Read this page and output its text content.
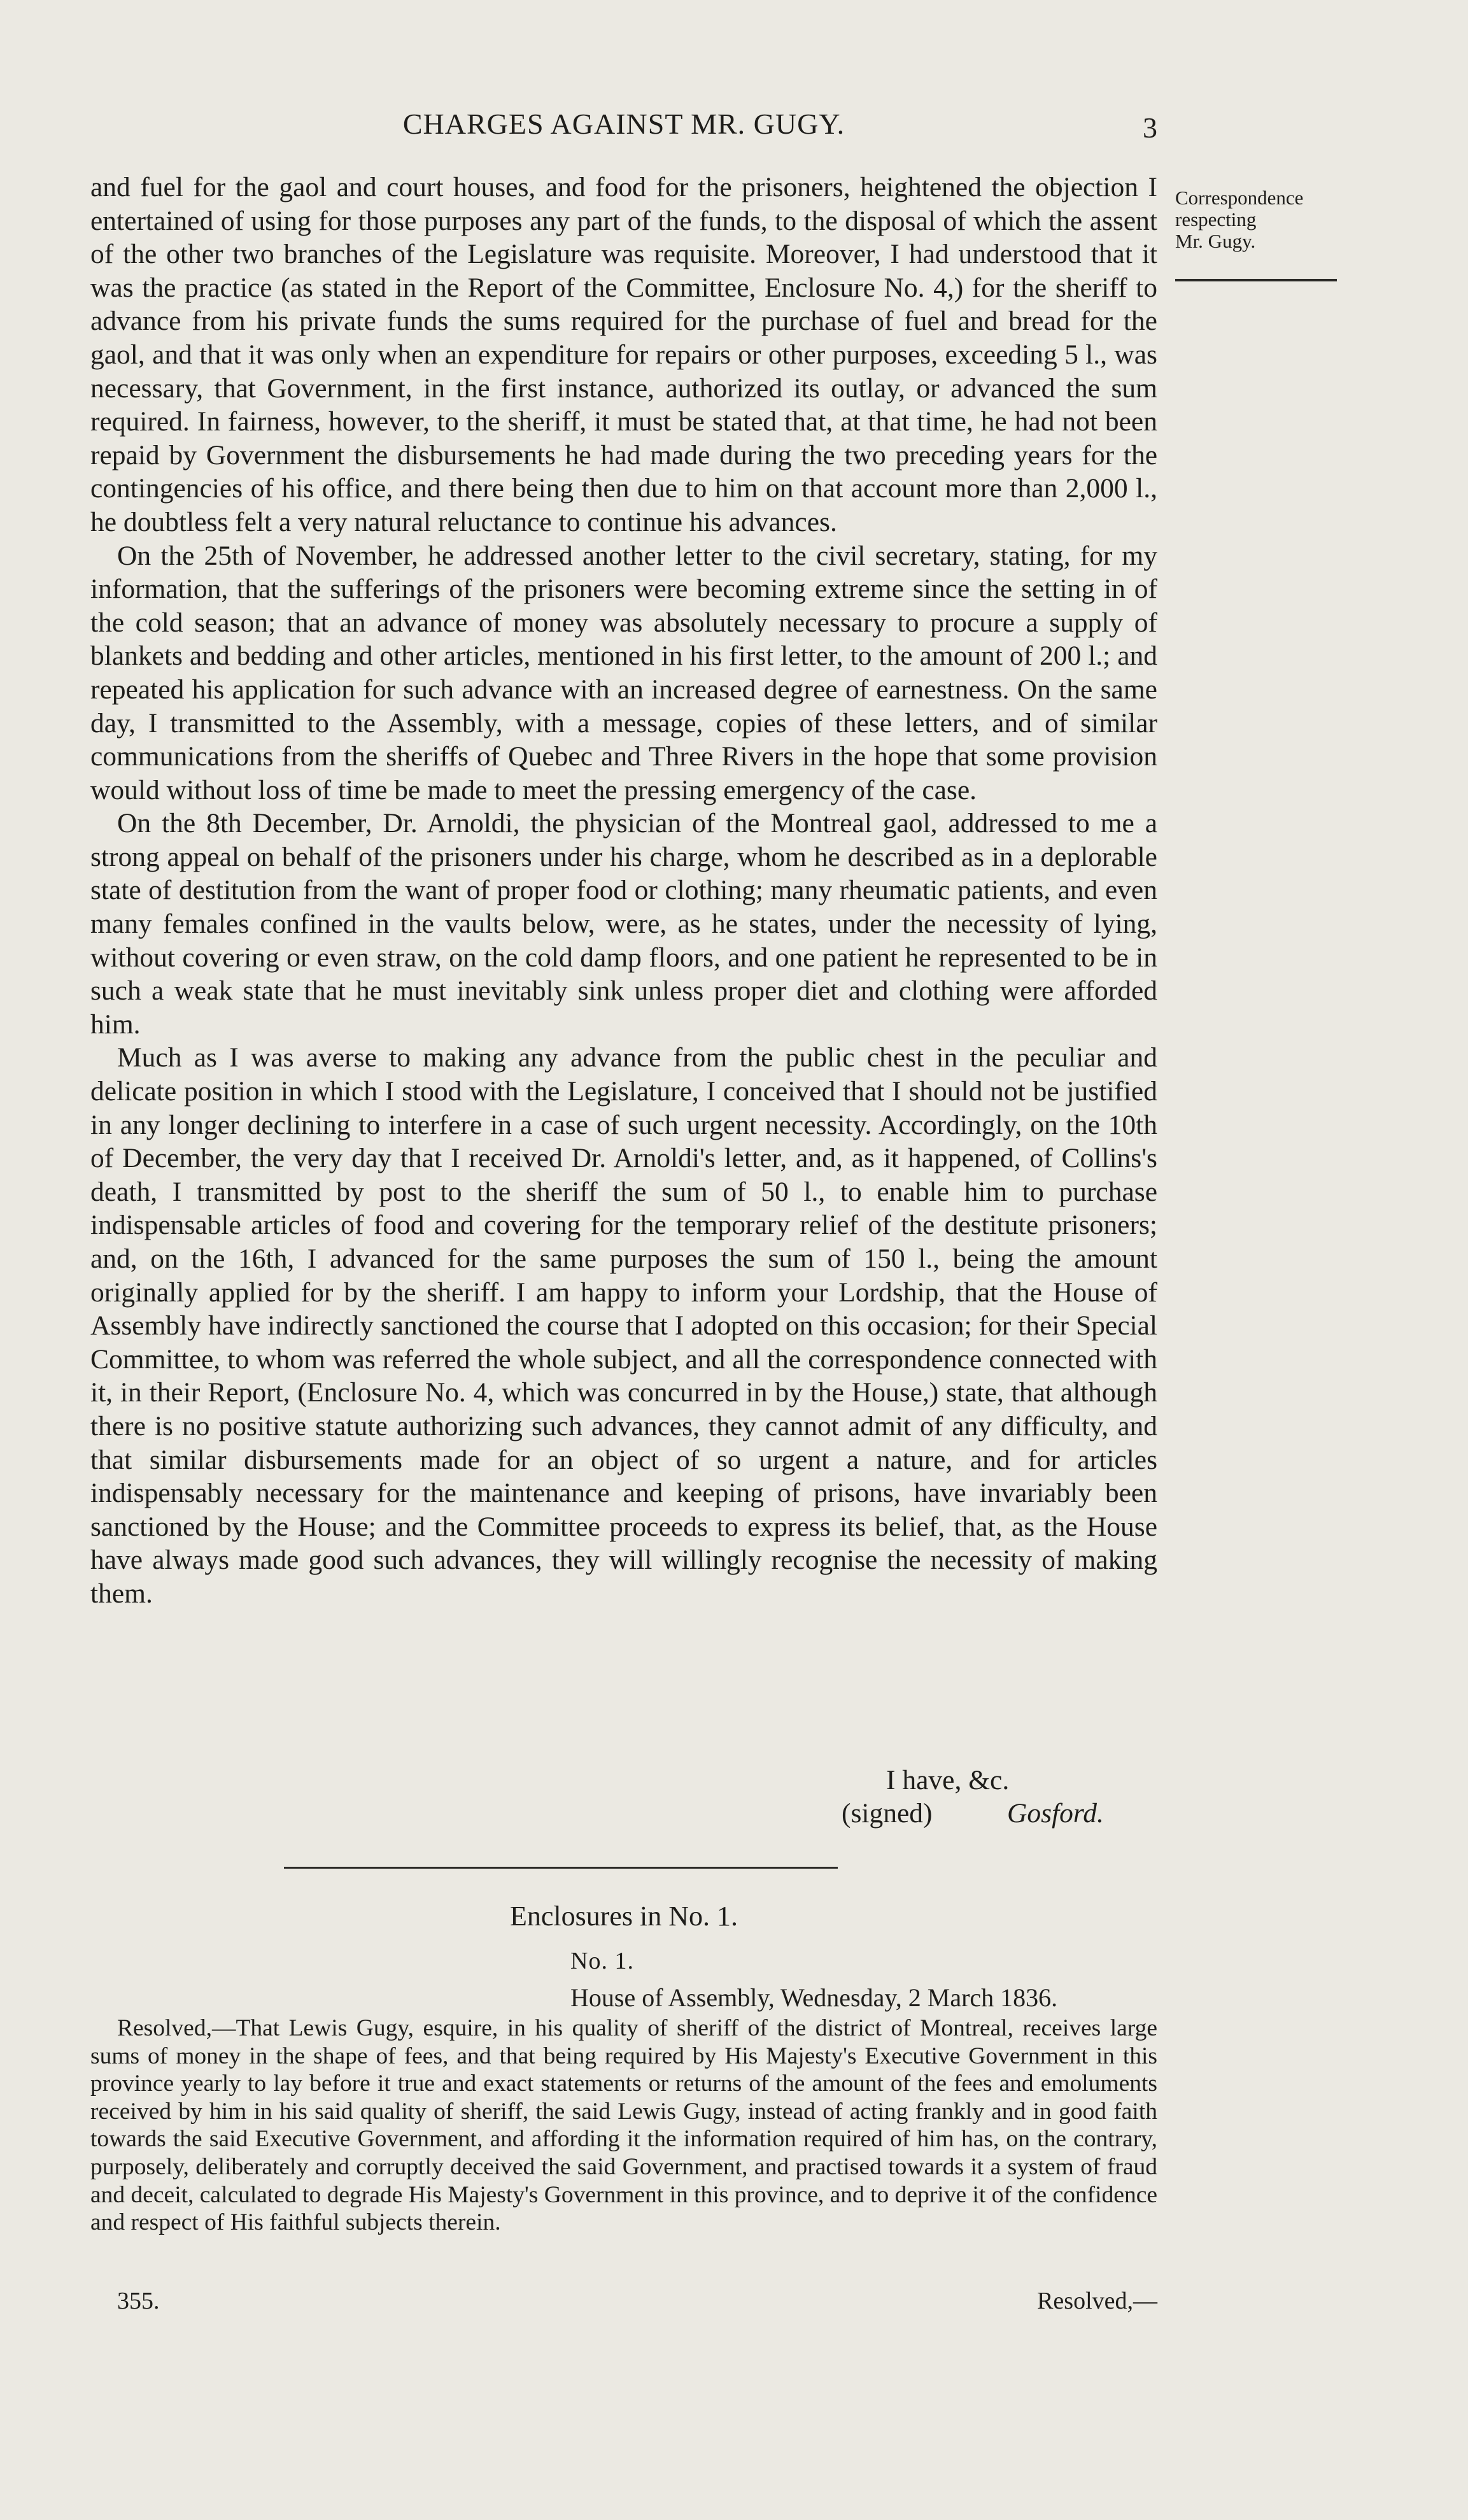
CHARGES AGAINST MR. GUGY.	3
Correspondence
respecting
Mr. Gugy.

and fuel for the gaol and court houses, and food for the prisoners, heightened the objection I entertained of using for those purposes any part of the funds, to the disposal of which the assent of the other two branches of the Legislature was requisite. Moreover, I had understood that it was the practice (as stated in the Report of the Committee, Enclosure No. 4,) for the sheriff to advance from his private funds the sums required for the purchase of fuel and bread for the gaol, and that it was only when an expenditure for repairs or other purposes, exceeding 5 l., was necessary, that Government, in the first instance, authorized its outlay, or advanced the sum required. In fairness, however, to the sheriff, it must be stated that, at that time, he had not been repaid by Government the disbursements he had made during the two preceding years for the contingencies of his office, and there being then due to him on that account more than 2,000 l., he doubtless felt a very natural reluctance to continue his advances.

On the 25th of November, he addressed another letter to the civil secretary, stating, for my information, that the sufferings of the prisoners were becoming extreme since the setting in of the cold season; that an advance of money was absolutely necessary to procure a supply of blankets and bedding and other articles, mentioned in his first letter, to the amount of 200 l.; and repeated his application for such advance with an increased degree of earnestness. On the same day, I transmitted to the Assembly, with a message, copies of these letters, and of similar communications from the sheriffs of Quebec and Three Rivers in the hope that some provision would without loss of time be made to meet the pressing emergency of the case.

On the 8th December, Dr. Arnoldi, the physician of the Montreal gaol, addressed to me a strong appeal on behalf of the prisoners under his charge, whom he described as in a deplorable state of destitution from the want of proper food or clothing; many rheumatic patients, and even many females confined in the vaults below, were, as he states, under the necessity of lying, without covering or even straw, on the cold damp floors, and one patient he represented to be in such a weak state that he must inevitably sink unless proper diet and clothing were afforded him.

Much as I was averse to making any advance from the public chest in the peculiar and delicate position in which I stood with the Legislature, I conceived that I should not be justified in any longer declining to interfere in a case of such urgent necessity. Accordingly, on the 10th of December, the very day that I received Dr. Arnoldi's letter, and, as it happened, of Collins's death, I transmitted by post to the sheriff the sum of 50 l., to enable him to purchase indispensable articles of food and covering for the temporary relief of the destitute prisoners; and, on the 16th, I advanced for the same purposes the sum of 150 l., being the amount originally applied for by the sheriff. I am happy to inform your Lordship, that the House of Assembly have indirectly sanctioned the course that I adopted on this occasion; for their Special Committee, to whom was referred the whole subject, and all the correspondence connected with it, in their Report, (Enclosure No. 4, which was concurred in by the House,) state, that although there is no positive statute authorizing such advances, they cannot admit of any difficulty, and that similar disbursements made for an object of so urgent a nature, and for articles indispensably necessary for the maintenance and keeping of prisons, have invariably been sanctioned by the House; and the Committee proceeds to express its belief, that, as the House have always made good such advances, they will willingly recognise the necessity of making them.

I have, &c.
(signed)	Gosford.
Enclosures in No. 1.
No. 1.
House of Assembly, Wednesday, 2 March 1836.

Resolved,—That Lewis Gugy, esquire, in his quality of sheriff of the district of Montreal, receives large sums of money in the shape of fees, and that being required by His Majesty's Executive Government in this province yearly to lay before it true and exact statements or returns of the amount of the fees and emoluments received by him in his said quality of sheriff, the said Lewis Gugy, instead of acting frankly and in good faith towards the said Executive Government, and affording it the information required of him has, on the contrary, purposely, deliberately and corruptly deceived the said Government, and practised towards it a system of fraud and deceit, calculated to degrade His Majesty's Government in this province, and to deprive it of the confidence and respect of His faithful subjects therein.

355.	Resolved,—
